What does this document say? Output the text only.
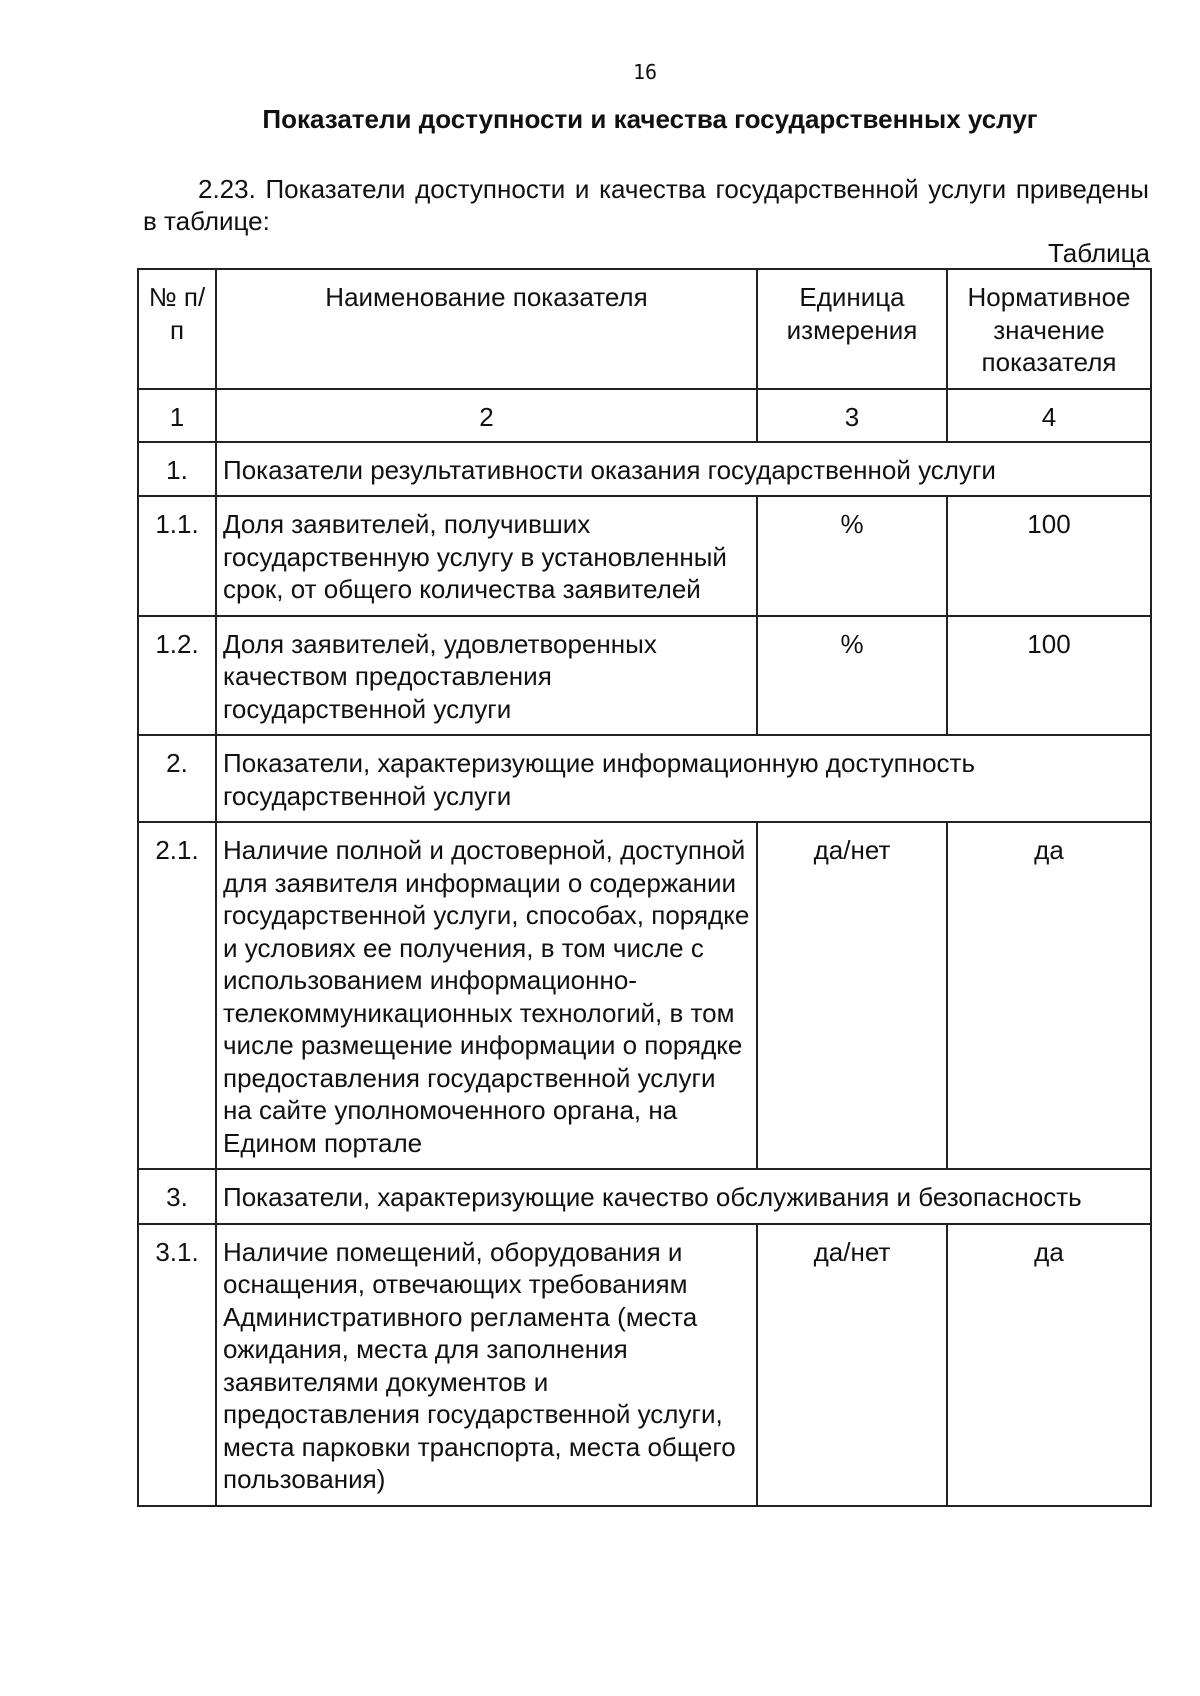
16
Показатели доступности и качества государственных услуг
2.23. Показатели доступности и качества государственной услуги приведены в таблице:
Таблица
№ п/п	Наименование показателя	Единица измерения	Нормативное значение показателя
1	2	3	4
1.	Показатели результативности оказания государственной услуги		
1.1.	Доля заявителей, получивших государственную услугу в установленный срок, от общего количества заявителей	%	100
1.2.	Доля заявителей, удовлетворенных качеством предоставления государственной услуги	%	100
2.	Показатели, характеризующие информационную доступность государственной услуги		
2.1.	Наличие полной и достоверной, доступной для заявителя информации о содержании государственной услуги, способах, порядке и условиях ее получения, в том числе с использованием информационно-телекоммуникационных технологий, в том числе размещение информации о порядке предоставления государственной услуги на сайте уполномоченного органа, на Едином портале	да/нет	да
3.	Показатели, характеризующие качество обслуживания и безопасность		
3.1.	Наличие помещений, оборудования и оснащения, отвечающих требованиям Административного регламента (места ожидания, места для заполнения заявителями документов и предоставления государственной услуги, места парковки транспорта, места общего пользования)	да/нет	да
